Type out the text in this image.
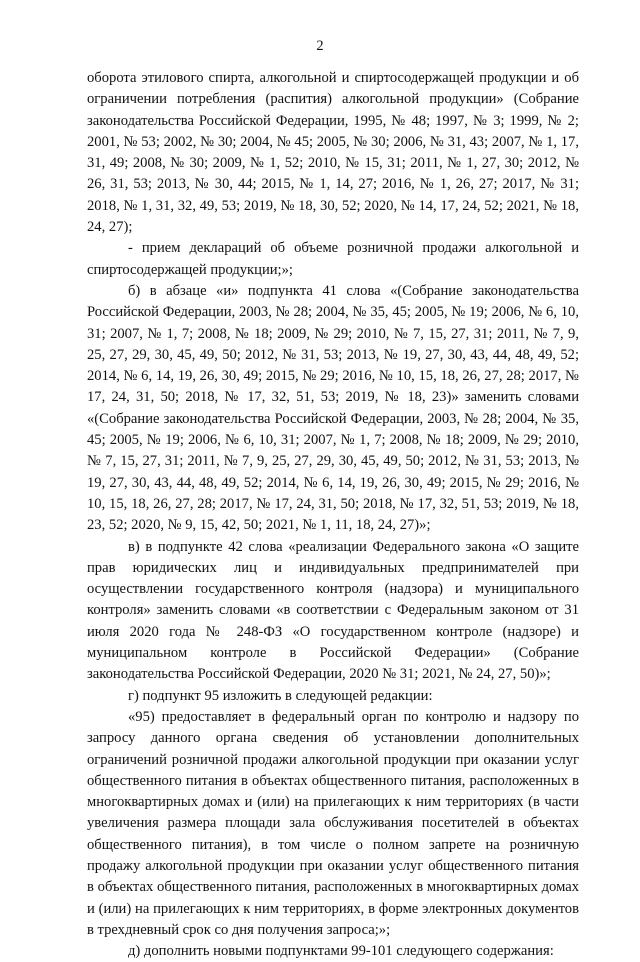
2

оборота этилового спирта, алкогольной и спиртосодержащей продукции и об ограничении потребления (распития) алкогольной продукции» (Собрание законодательства Российской Федерации, 1995, № 48; 1997, № 3; 1999, № 2; 2001, № 53; 2002, № 30; 2004, № 45; 2005, № 30; 2006, № 31, 43; 2007, № 1, 17, 31, 49; 2008, № 30; 2009, № 1, 52; 2010, № 15, 31; 2011, № 1, 27, 30; 2012, № 26, 31, 53; 2013, № 30, 44; 2015, № 1, 14, 27; 2016, № 1, 26, 27; 2017, № 31; 2018, № 1, 31, 32, 49, 53; 2019, № 18, 30, 52; 2020, № 14, 17, 24, 52; 2021, № 18, 24, 27);

- прием деклараций об объеме розничной продажи алкогольной и спиртосодержащей продукции;»;

б) в абзаце «и» подпункта 41 слова «(Собрание законодательства Российской Федерации, 2003, № 28; 2004, № 35, 45; 2005, № 19; 2006, № 6, 10, 31; 2007, № 1, 7; 2008, № 18; 2009, № 29; 2010, № 7, 15, 27, 31; 2011, № 7, 9, 25, 27, 29, 30, 45, 49, 50; 2012, № 31, 53; 2013, № 19, 27, 30, 43, 44, 48, 49, 52; 2014, № 6, 14, 19, 26, 30, 49; 2015, № 29; 2016, № 10, 15, 18, 26, 27, 28; 2017, № 17, 24, 31, 50; 2018, № 17, 32, 51, 53; 2019, № 18, 23)» заменить словами «(Собрание законодательства Российской Федерации, 2003, № 28; 2004, № 35, 45; 2005, № 19; 2006, № 6, 10, 31; 2007, № 1, 7; 2008, № 18; 2009, № 29; 2010, № 7, 15, 27, 31; 2011, № 7, 9, 25, 27, 29, 30, 45, 49, 50; 2012, № 31, 53; 2013, № 19, 27, 30, 43, 44, 48, 49, 52; 2014, № 6, 14, 19, 26, 30, 49; 2015, № 29; 2016, № 10, 15, 18, 26, 27, 28; 2017, № 17, 24, 31, 50; 2018, № 17, 32, 51, 53; 2019, № 18, 23, 52; 2020, № 9, 15, 42, 50; 2021, № 1, 11, 18, 24, 27)»;

в) в подпункте 42 слова «реализации Федерального закона «О защите прав юридических лиц и индивидуальных предпринимателей при осуществлении государственного контроля (надзора) и муниципального контроля» заменить словами «в соответствии с Федеральным законом от 31 июля 2020 года № 248-ФЗ «О государственном контроле (надзоре) и муниципальном контроле в Российской Федерации» (Собрание законодательства Российской Федерации, 2020 № 31; 2021, № 24, 27, 50)»;

г) подпункт 95 изложить в следующей редакции:

«95) предоставляет в федеральный орган по контролю и надзору по запросу данного органа сведения об установлении дополнительных ограничений розничной продажи алкогольной продукции при оказании услуг общественного питания в объектах общественного питания, расположенных в многоквартирных домах и (или) на прилегающих к ним территориях (в части увеличения размера площади зала обслуживания посетителей в объектах общественного питания), в том числе о полном запрете на розничную продажу алкогольной продукции при оказании услуг общественного питания в объектах общественного питания, расположенных в многоквартирных домах и (или) на прилегающих к ним территориях, в форме электронных документов в трехдневный срок со дня получения запроса;»;

д) дополнить новыми подпунктами 99-101 следующего содержания:
